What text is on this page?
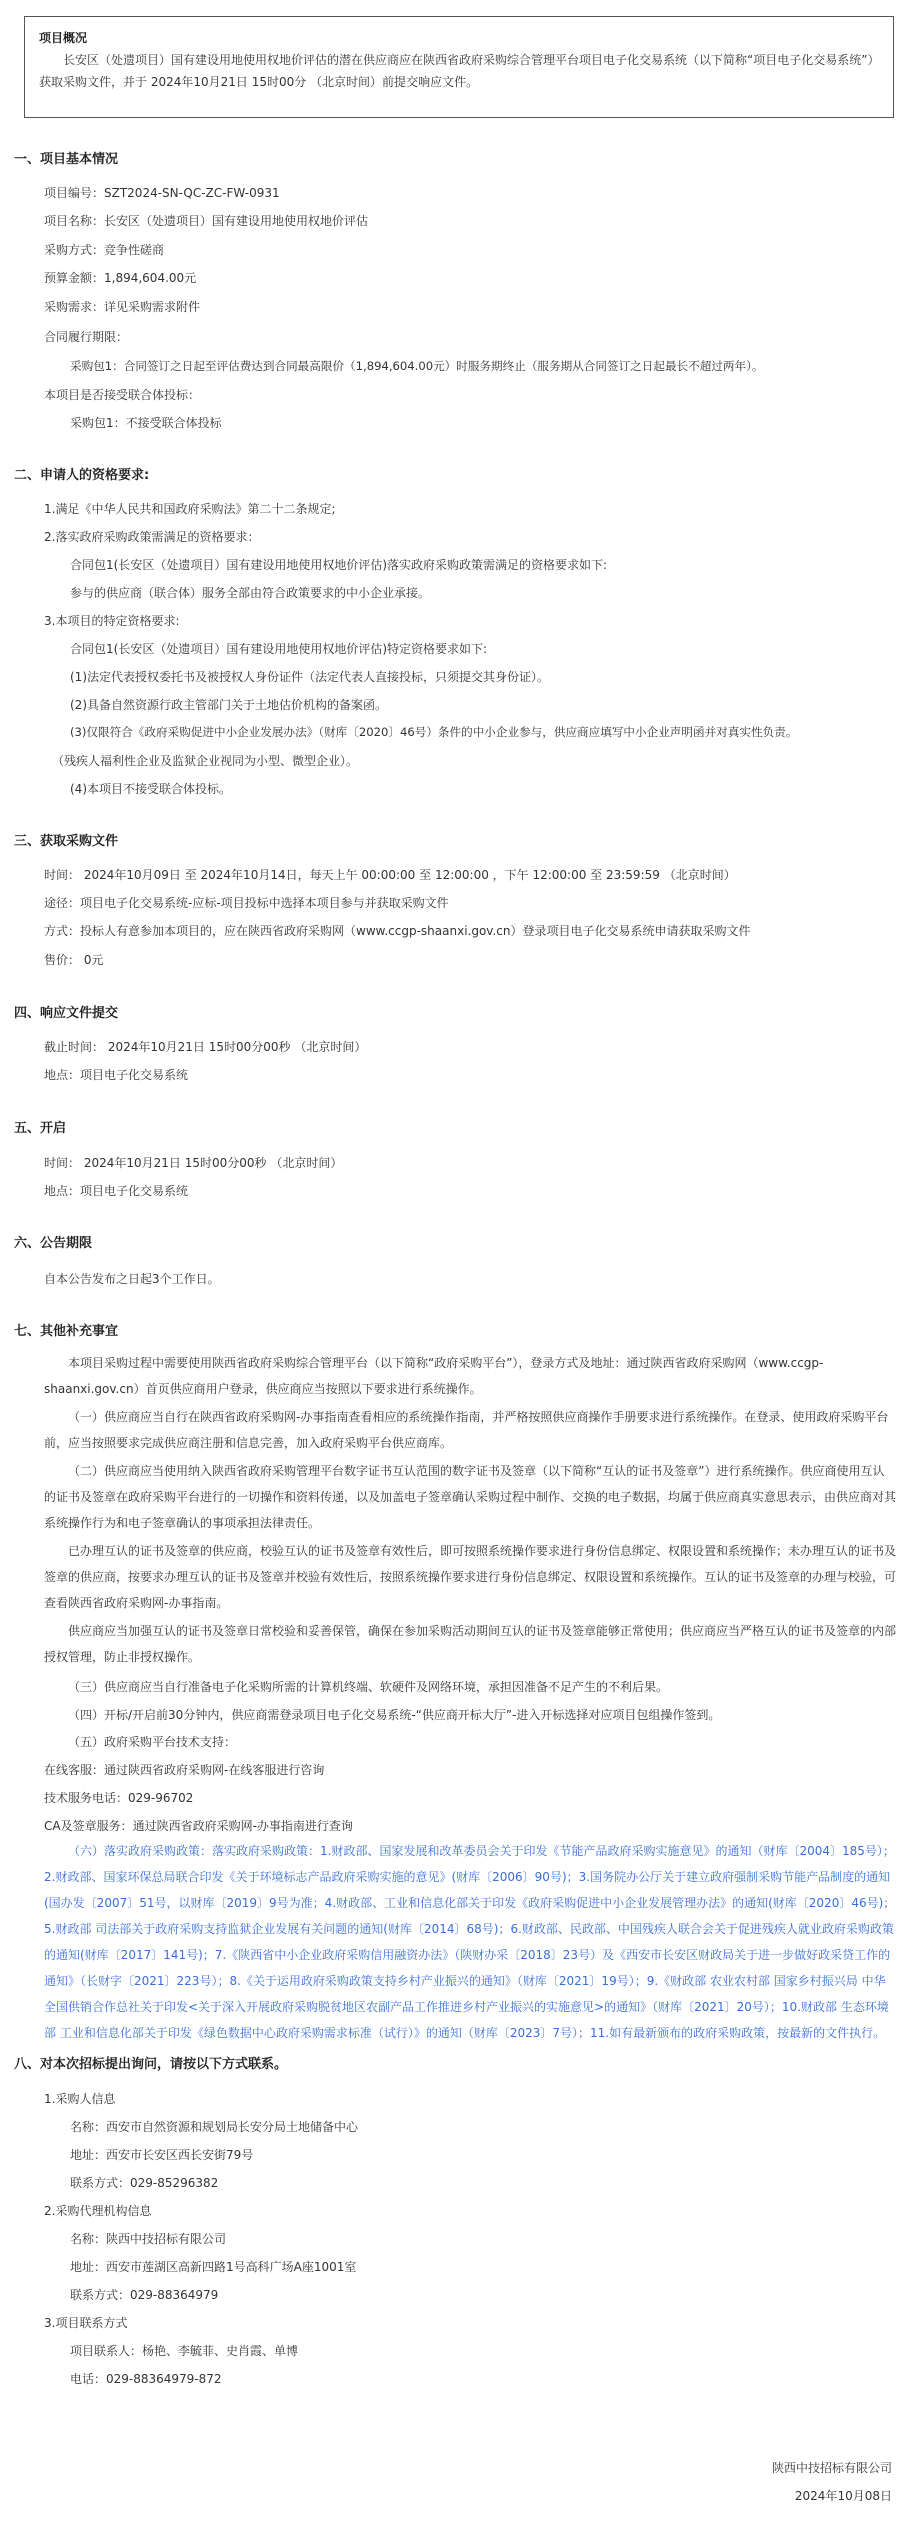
项目概况
长安区（处遗项目）国有建设用地使用权地价评估的潜在供应商应在陕西省政府采购综合管理平台项目电子化交易系统（以下简称“项目电子化交易系统”）获取采购文件，并于 2024年10月21日 15时00分 （北京时间）前提交响应文件。
一、项目基本情况
项目编号：SZT2024-SN-QC-ZC-FW-0931
项目名称：长安区（处遗项目）国有建设用地使用权地价评估
采购方式：竞争性磋商
预算金额：1,894,604.00元
采购需求：详见采购需求附件
合同履行期限：
采购包1：合同签订之日起至评估费达到合同最高限价（1,894,604.00元）时服务期终止（服务期从合同签订之日起最长不超过两年）。
本项目是否接受联合体投标：
采购包1：不接受联合体投标
二、申请人的资格要求:
1.满足《中华人民共和国政府采购法》第二十二条规定;
2.落实政府采购政策需满足的资格要求：
合同包1(长安区（处遗项目）国有建设用地使用权地价评估)落实政府采购政策需满足的资格要求如下:
参与的供应商（联合体）服务全部由符合政策要求的中小企业承接。
3.本项目的特定资格要求:
合同包1(长安区（处遗项目）国有建设用地使用权地价评估)特定资格要求如下:
(1)法定代表授权委托书及被授权人身份证件（法定代表人直接投标，只须提交其身份证）。
(2)具备自然资源行政主管部门关于土地估价机构的备案函。
(3)仅限符合《政府采购促进中小企业发展办法》（财库〔2020〕46号）条件的中小企业参与，供应商应填写中小企业声明函并对真实性负责。
（残疾人福利性企业及监狱企业视同为小型、微型企业）。
(4)本项目不接受联合体投标。
三、获取采购文件
时间： 2024年10月09日 至 2024年10月14日，每天上午 00:00:00 至 12:00:00 ，下午 12:00:00 至 23:59:59 （北京时间）
途径：项目电子化交易系统-应标-项目投标中选择本项目参与并获取采购文件
方式：投标人有意参加本项目的，应在陕西省政府采购网（www.ccgp-shaanxi.gov.cn）登录项目电子化交易系统申请获取采购文件
售价： 0元
四、响应文件提交
截止时间： 2024年10月21日 15时00分00秒 （北京时间）
地点：项目电子化交易系统
五、开启
时间： 2024年10月21日 15时00分00秒 （北京时间）
地点：项目电子化交易系统
六、公告期限
自本公告发布之日起3个工作日。
七、其他补充事宜
本项目采购过程中需要使用陕西省政府采购综合管理平台（以下简称“政府采购平台”），登录方式及地址：通过陕西省政府采购网（www.ccgp-shaanxi.gov.cn）首页供应商用户登录，供应商应当按照以下要求进行系统操作。
（一）供应商应当自行在陕西省政府采购网-办事指南查看相应的系统操作指南，并严格按照供应商操作手册要求进行系统操作。在登录、使用政府采购平台前，应当按照要求完成供应商注册和信息完善，加入政府采购平台供应商库。
（二）供应商应当使用纳入陕西省政府采购管理平台数字证书互认范围的数字证书及签章（以下简称“互认的证书及签章”）进行系统操作。供应商使用互认的证书及签章在政府采购平台进行的一切操作和资料传递，以及加盖电子签章确认采购过程中制作、交换的电子数据，均属于供应商真实意思表示，由供应商对其系统操作行为和电子签章确认的事项承担法律责任。
已办理互认的证书及签章的供应商，校验互认的证书及签章有效性后，即可按照系统操作要求进行身份信息绑定、权限设置和系统操作；未办理互认的证书及签章的供应商，按要求办理互认的证书及签章并校验有效性后，按照系统操作要求进行身份信息绑定、权限设置和系统操作。互认的证书及签章的办理与校验，可查看陕西省政府采购网-办事指南。
供应商应当加强互认的证书及签章日常校验和妥善保管，确保在参加采购活动期间互认的证书及签章能够正常使用；供应商应当严格互认的证书及签章的内部授权管理，防止非授权操作。
（三）供应商应当自行准备电子化采购所需的计算机终端、软硬件及网络环境，承担因准备不足产生的不利后果。
（四）开标/开启前30分钟内，供应商需登录项目电子化交易系统-“供应商开标大厅”-进入开标选择对应项目包组操作签到。
（五）政府采购平台技术支持：
在线客服：通过陕西省政府采购网-在线客服进行咨询
技术服务电话：029-96702
CA及签章服务：通过陕西省政府采购网-办事指南进行查询
（六）落实政府采购政策：落实政府采购政策：1.财政部、国家发展和改革委员会关于印发《节能产品政府采购实施意见》的通知（财库〔2004〕185号）；2.财政部、国家环保总局联合印发《关于环境标志产品政府采购实施的意见》(财库〔2006〕90号)；3.国务院办公厅关于建立政府强制采购节能产品制度的通知(国办发〔2007〕51号，以财库〔2019〕9号为准；4.财政部、工业和信息化部关于印发《政府采购促进中小企业发展管理办法》的通知(财库〔2020〕46号)；5.财政部 司法部关于政府采购支持监狱企业发展有关问题的通知(财库〔2014〕68号)；6.财政部、民政部、中国残疾人联合会关于促进残疾人就业政府采购政策的通知(财库〔2017〕141号)；7.《陕西省中小企业政府采购信用融资办法》（陕财办采〔2018〕23号）及《西安市长安区财政局关于进一步做好政采贷工作的通知》（长财字〔2021〕223号）；8.《关于运用政府采购政策支持乡村产业振兴的通知》（财库〔2021〕19号）；9.《财政部 农业农村部 国家乡村振兴局 中华全国供销合作总社关于印发<关于深入开展政府采购脱贫地区农副产品工作推进乡村产业振兴的实施意见>的通知》（财库〔2021〕20号）；10.财政部 生态环境部 工业和信息化部关于印发《绿色数据中心政府采购需求标准（试行）》的通知（财库〔2023〕7号）；11.如有最新颁布的政府采购政策，按最新的文件执行。
八、对本次招标提出询问，请按以下方式联系。
1.采购人信息
名称：西安市自然资源和规划局长安分局土地储备中心
地址：西安市长安区西长安街79号
联系方式：029-85296382
2.采购代理机构信息
名称：陕西中技招标有限公司
地址：西安市莲湖区高新四路1号高科广场A座1001室
联系方式：029-88364979
3.项目联系方式
项目联系人：杨艳、李毓菲、史肖霞、单博
电话：029-88364979-872
陕西中技招标有限公司
2024年10月08日
